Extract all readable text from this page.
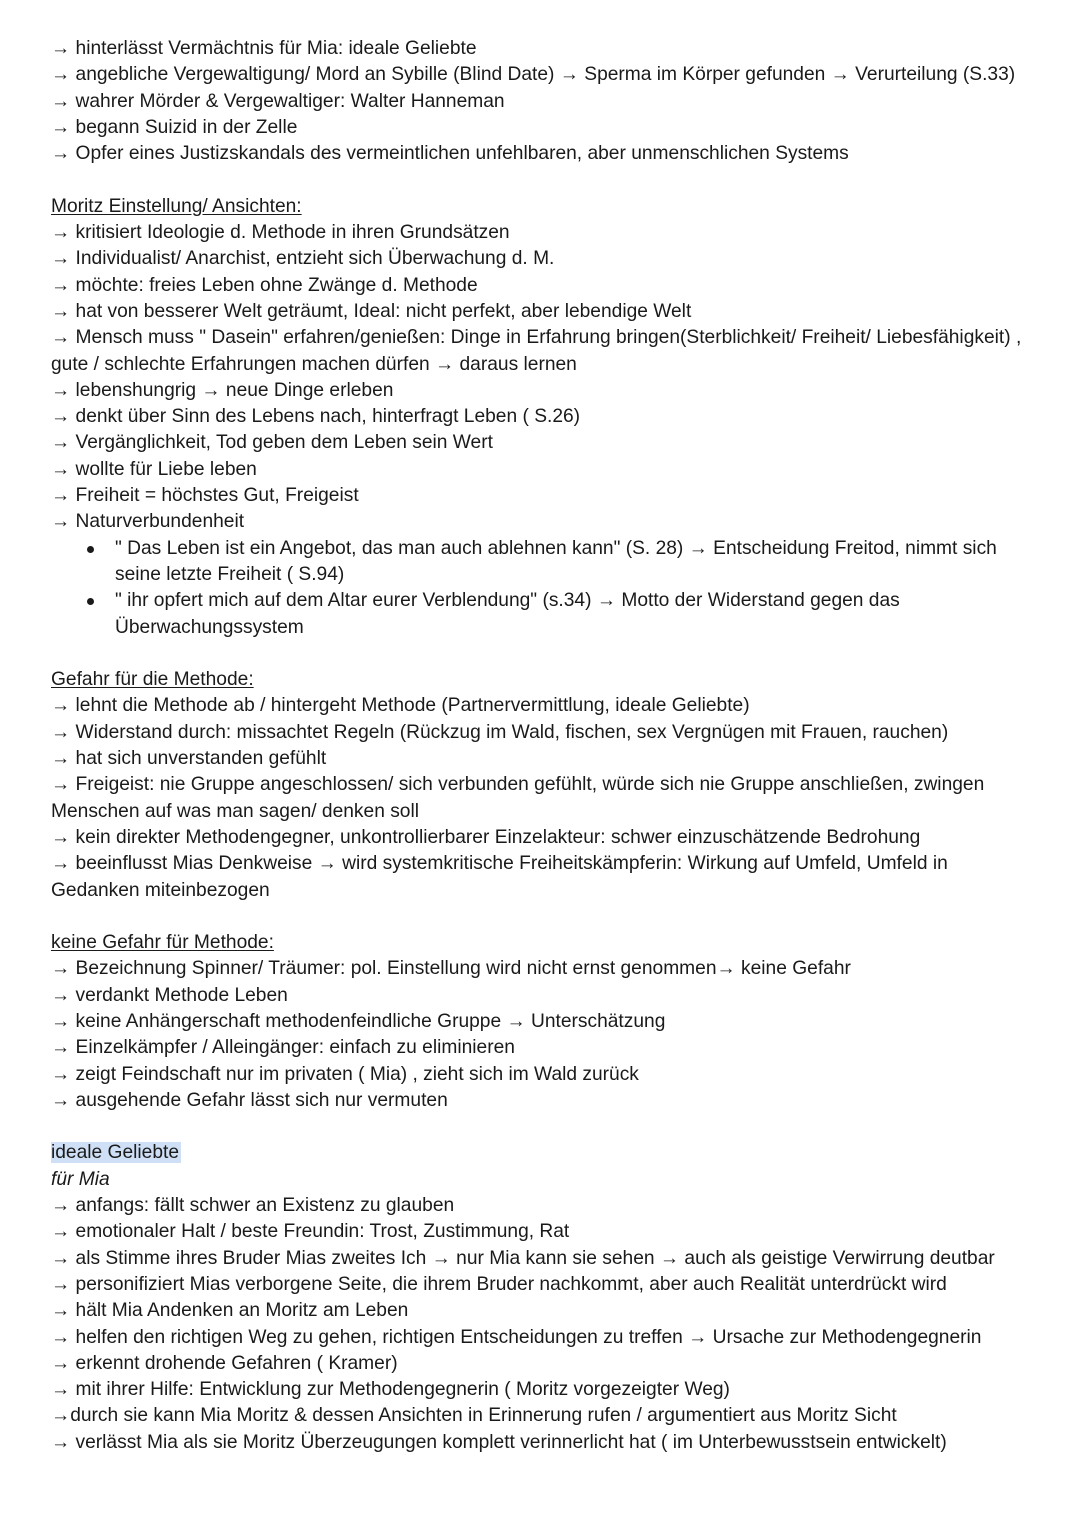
→ hinterlässt Vermächtnis für Mia: ideale Geliebte

→ angebliche Vergewaltigung/ Mord an Sybille (Blind Date) → Sperma im Körper gefunden → Verurteilung (S.33) → wahrer Mörder & Vergewaltiger: Walter Hanneman

→ begann Suizid in der Zelle

→ Opfer eines Justizskandals des vermeintlichen unfehlbaren, aber unmenschlichen Systems

Moritz Einstellung/ Ansichten:

→ kritisiert Ideologie d. Methode in ihren Grundsätzen

→ Individualist/ Anarchist, entzieht sich Überwachung d. M.

→ möchte: freies Leben ohne Zwänge d. Methode

→ hat von besserer Welt geträumt, Ideal: nicht perfekt, aber lebendige Welt

→ Mensch muss " Dasein" erfahren/genießen: Dinge in Erfahrung bringen(Sterblichkeit/ Freiheit/ Liebesfähigkeit) , gute / schlechte Erfahrungen machen dürfen → daraus lernen

→ lebenshungrig → neue Dinge erleben

→ denkt über Sinn des Lebens nach, hinterfragt Leben ( S.26)

→ Vergänglichkeit, Tod geben dem Leben sein Wert

→ wollte für Liebe leben

→ Freiheit = höchstes Gut, Freigeist

→ Naturverbundenheit

" Das Leben ist ein Angebot, das man auch ablehnen kann" (S. 28) → Entscheidung Freitod, nimmt sich seine letzte Freiheit ( S.94)
" ihr opfert mich auf dem Altar eurer Verblendung" (s.34) → Motto der Widerstand gegen das Überwachungssystem

Gefahr für die Methode:

→ lehnt die Methode ab / hintergeht Methode (Partnervermittlung, ideale Geliebte)

→ Widerstand durch: missachtet Regeln (Rückzug im Wald, fischen, sex Vergnügen mit Frauen, rauchen)

→ hat sich unverstanden gefühlt

→ Freigeist: nie Gruppe angeschlossen/ sich verbunden gefühlt, würde sich nie Gruppe anschließen, zwingen Menschen auf was man sagen/ denken soll

→ kein direkter Methodengegner, unkontrollierbarer Einzelakteur: schwer einzuschätzende Bedrohung

→ beeinflusst Mias Denkweise → wird systemkritische Freiheitskämpferin: Wirkung auf Umfeld, Umfeld in Gedanken miteinbezogen

keine Gefahr für Methode:

→ Bezeichnung Spinner/ Träumer: pol. Einstellung wird nicht ernst genommen→ keine Gefahr

→ verdankt Methode Leben

→ keine Anhängerschaft methodenfeindliche Gruppe → Unterschätzung

→ Einzelkämpfer / Alleingänger: einfach zu eliminieren

→ zeigt Feindschaft nur im privaten ( Mia) , zieht sich im Wald zurück

→ ausgehende Gefahr lässt sich nur vermuten

ideale Geliebte

für Mia

→ anfangs: fällt schwer an Existenz zu glauben

→ emotionaler Halt / beste Freundin: Trost, Zustimmung, Rat

→ als Stimme ihres Bruder Mias zweites Ich → nur Mia kann sie sehen → auch als geistige Verwirrung deutbar

→ personifiziert Mias verborgene Seite, die ihrem Bruder nachkommt, aber auch Realität unterdrückt wird

→ hält Mia Andenken an Moritz am Leben

→ helfen den richtigen Weg zu gehen, richtigen Entscheidungen zu treffen → Ursache zur Methodengegnerin

→ erkennt drohende Gefahren ( Kramer)

→ mit ihrer Hilfe: Entwicklung zur Methodengegnerin ( Moritz vorgezeigter Weg)

→durch sie kann Mia Moritz & dessen Ansichten in Erinnerung rufen / argumentiert aus Moritz Sicht

→ verlässt Mia als sie Moritz Überzeugungen komplett verinnerlicht hat ( im Unterbewusstsein entwickelt)
